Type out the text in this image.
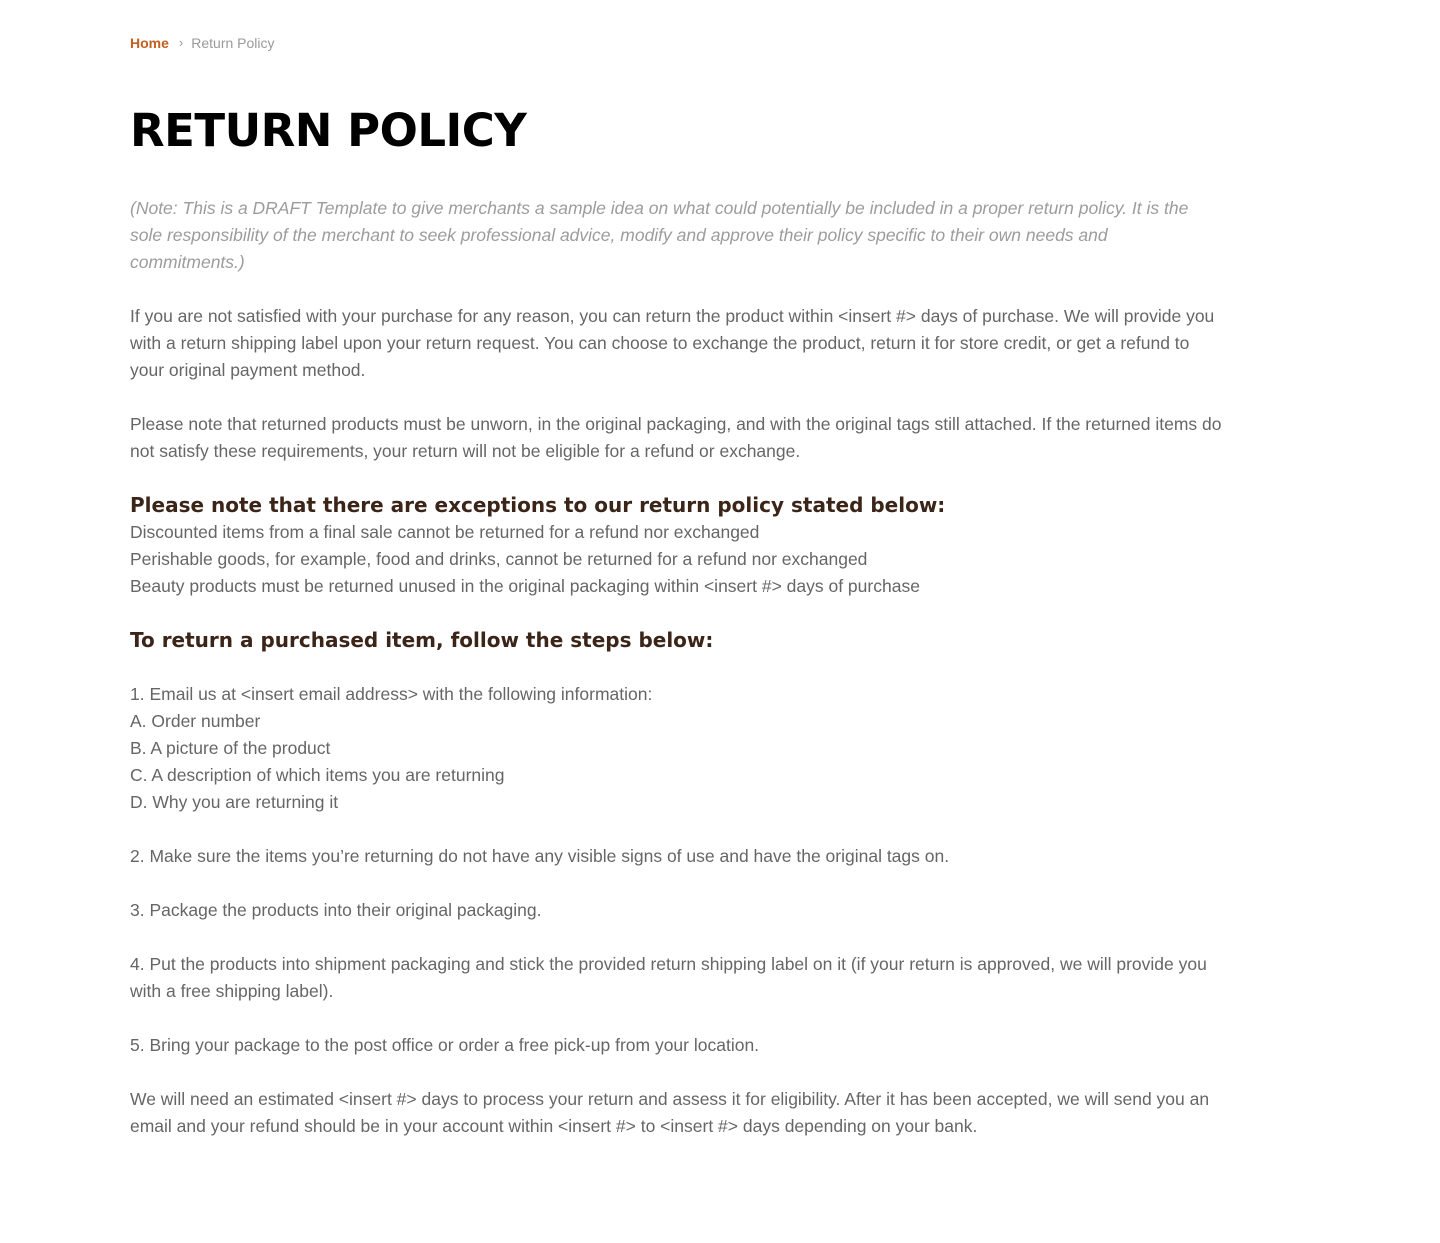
Home › Return Policy
RETURN POLICY

(Note: This is a DRAFT Template to give merchants a sample idea on what could potentially be included in a proper return policy. It is the sole responsibility of the merchant to seek professional advice, modify and approve their policy specific to their own needs and commitments.)

If you are not satisfied with your purchase for any reason, you can return the product within <insert #> days of purchase. We will provide you with a return shipping label upon your return request. You can choose to exchange the product, return it for store credit, or get a refund to your original payment method.

Please note that returned products must be unworn, in the original packaging, and with the original tags still attached. If the returned items do not satisfy these requirements, your return will not be eligible for a refund or exchange.

Please note that there are exceptions to our return policy stated below:
Discounted items from a final sale cannot be returned for a refund nor exchanged
Perishable goods, for example, food and drinks, cannot be returned for a refund nor exchanged
Beauty products must be returned unused in the original packaging within <insert #> days of purchase
To return a purchased item, follow the steps below:
1. Email us at <insert email address> with the following information:
A. Order number
B. A picture of the product
C. A description of which items you are returning
D. Why you are returning it

2. Make sure the items you’re returning do not have any visible signs of use and have the original tags on.

3. Package the products into their original packaging.

4. Put the products into shipment packaging and stick the provided return shipping label on it (if your return is approved, we will provide you with a free shipping label).

5. Bring your package to the post office or order a free pick-up from your location.

We will need an estimated <insert #> days to process your return and assess it for eligibility. After it has been accepted, we will send you an email and your refund should be in your account within <insert #> to <insert #> days depending on your bank.
